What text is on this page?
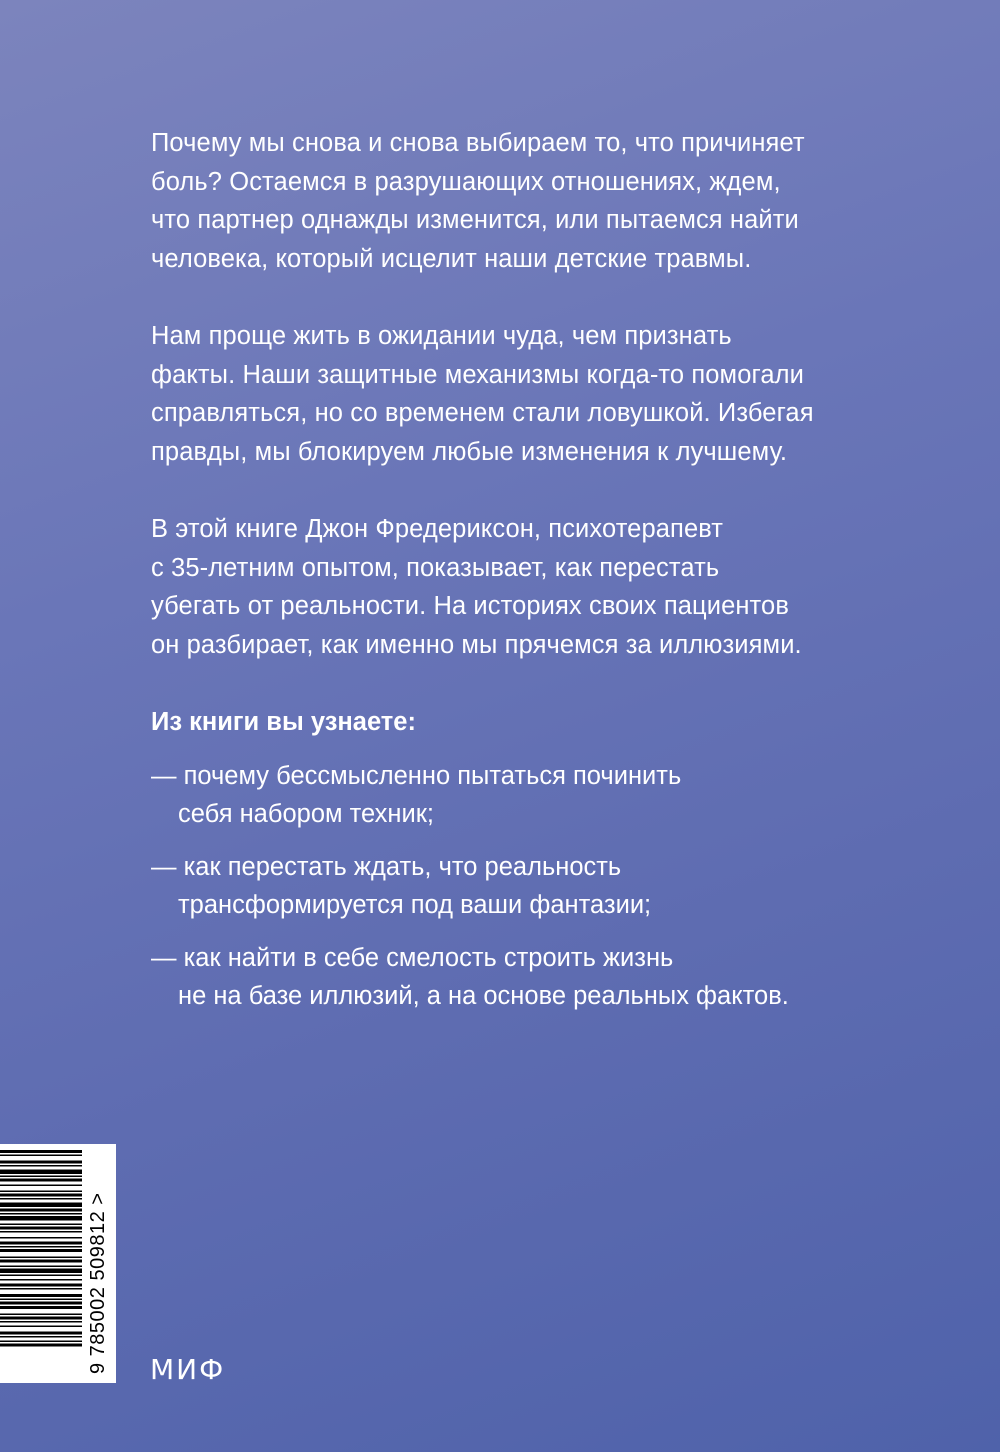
Почему мы снова и снова выбираем то, что причиняет
боль? Остаемся в разрушающих отношениях, ждем,
что партнер однажды изменится, или пытаемся найти
человека, который исцелит наши детские травмы.

Нам проще жить в ожидании чуда, чем признать
факты. Наши защитные механизмы когда-то помогали
справляться, но со временем стали ловушкой. Избегая
правды, мы блокируем любые изменения к лучшему.

В этой книге Джон Фредериксон, психотерапевт
с 35-летним опытом, показывает, как перестать
убегать от реальности. На историях своих пациентов
он разбирает, как именно мы прячемся за иллюзиями.

Из книги вы узнаете:

— почему бессмысленно пытаться починить
себя набором техник;
— как перестать ждать, что реальность
трансформируется под ваши фантазии;
— как найти в себе смелость строить жизнь
не на базе иллюзий, а на основе реальных фактов.
9 785002 509812 > МИФ
